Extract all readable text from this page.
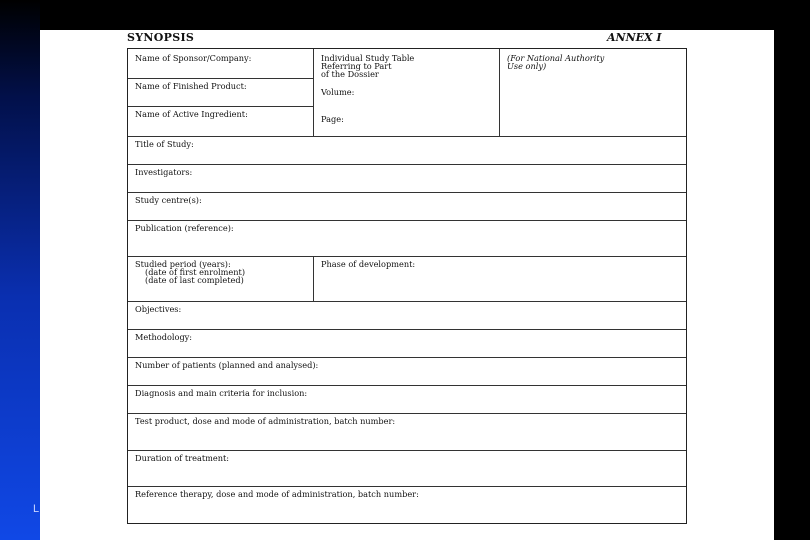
SYNOPSIS	ANNEX I
Name of Sponsor/Company:
Name of Finished Product:
Name of Active Ingredient:
Individual Study Table
Referring to Part
of the Dossier
Volume:
Page:
(For National Authority
Use only)
Title of Study:
Investigators:
Study centre(s):
Publication (reference):
Studied period (years):
(date of first enrolment)
(date of last completed)
Phase of development:
Objectives:
Methodology:
Number of patients (planned and analysed):
Diagnosis and main criteria for inclusion:
Test product, dose and mode of administration, batch number:
Duration of treatment:
Reference therapy, dose and mode of administration, batch number:
L
